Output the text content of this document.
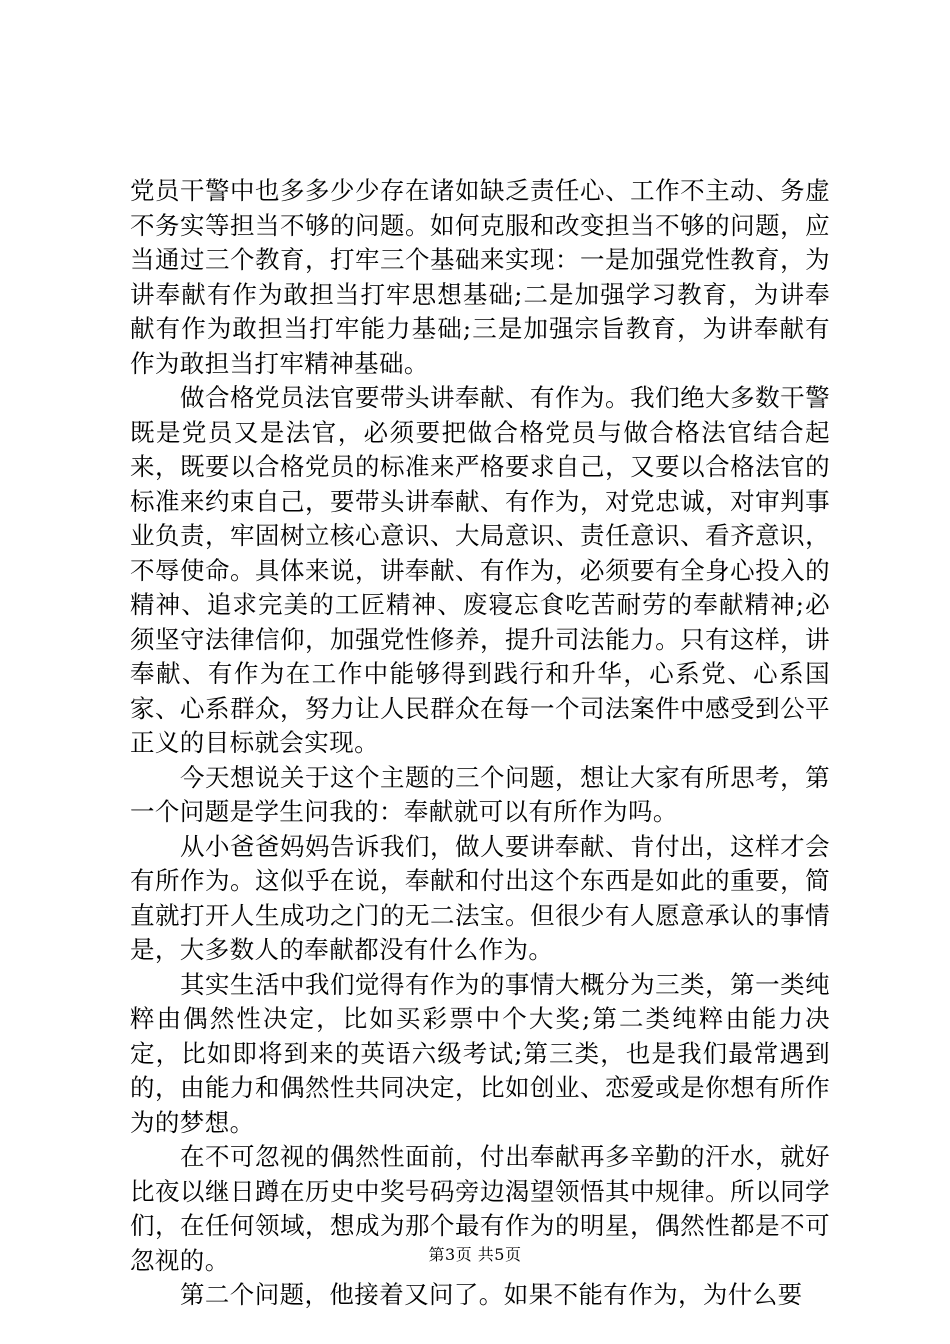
党员干警中也多多少少存在诸如缺乏责任心、工作不主动、务虚不务实等担当不够的问题。如何克服和改变担当不够的问题，应当通过三个教育，打牢三个基础来实现：一是加强党性教育，为讲奉献有作为敢担当打牢思想基础;二是加强学习教育，为讲奉献有作为敢担当打牢能力基础;三是加强宗旨教育，为讲奉献有作为敢担当打牢精神基础。

做合格党员法官要带头讲奉献、有作为。我们绝大多数干警既是党员又是法官，必须要把做合格党员与做合格法官结合起来，既要以合格党员的标准来严格要求自己，又要以合格法官的标准来约束自己，要带头讲奉献、有作为，对党忠诚，对审判事业负责，牢固树立核心意识、大局意识、责任意识、看齐意识，不辱使命。具体来说，讲奉献、有作为，必须要有全身心投入的精神、追求完美的工匠精神、废寝忘食吃苦耐劳的奉献精神;必须坚守法律信仰，加强党性修养，提升司法能力。只有这样，讲奉献、有作为在工作中能够得到践行和升华，心系党、心系国家、心系群众，努力让人民群众在每一个司法案件中感受到公平正义的目标就会实现。

今天想说关于这个主题的三个问题，想让大家有所思考，第一个问题是学生问我的：奉献就可以有所作为吗。

从小爸爸妈妈告诉我们，做人要讲奉献、肯付出，这样才会有所作为。这似乎在说，奉献和付出这个东西是如此的重要，简直就打开人生成功之门的无二法宝。但很少有人愿意承认的事情是，大多数人的奉献都没有什么作为。

其实生活中我们觉得有作为的事情大概分为三类，第一类纯粹由偶然性决定，比如买彩票中个大奖;第二类纯粹由能力决定，比如即将到来的英语六级考试;第三类，也是我们最常遇到的，由能力和偶然性共同决定，比如创业、恋爱或是你想有所作为的梦想。

在不可忽视的偶然性面前，付出奉献再多辛勤的汗水，就好比夜以继日蹲在历史中奖号码旁边渴望领悟其中规律。所以同学们，在任何领域，想成为那个最有作为的明星，偶然性都是不可忽视的。

第二个问题，他接着又问了。如果不能有作为，为什么要

第3页 共5页
